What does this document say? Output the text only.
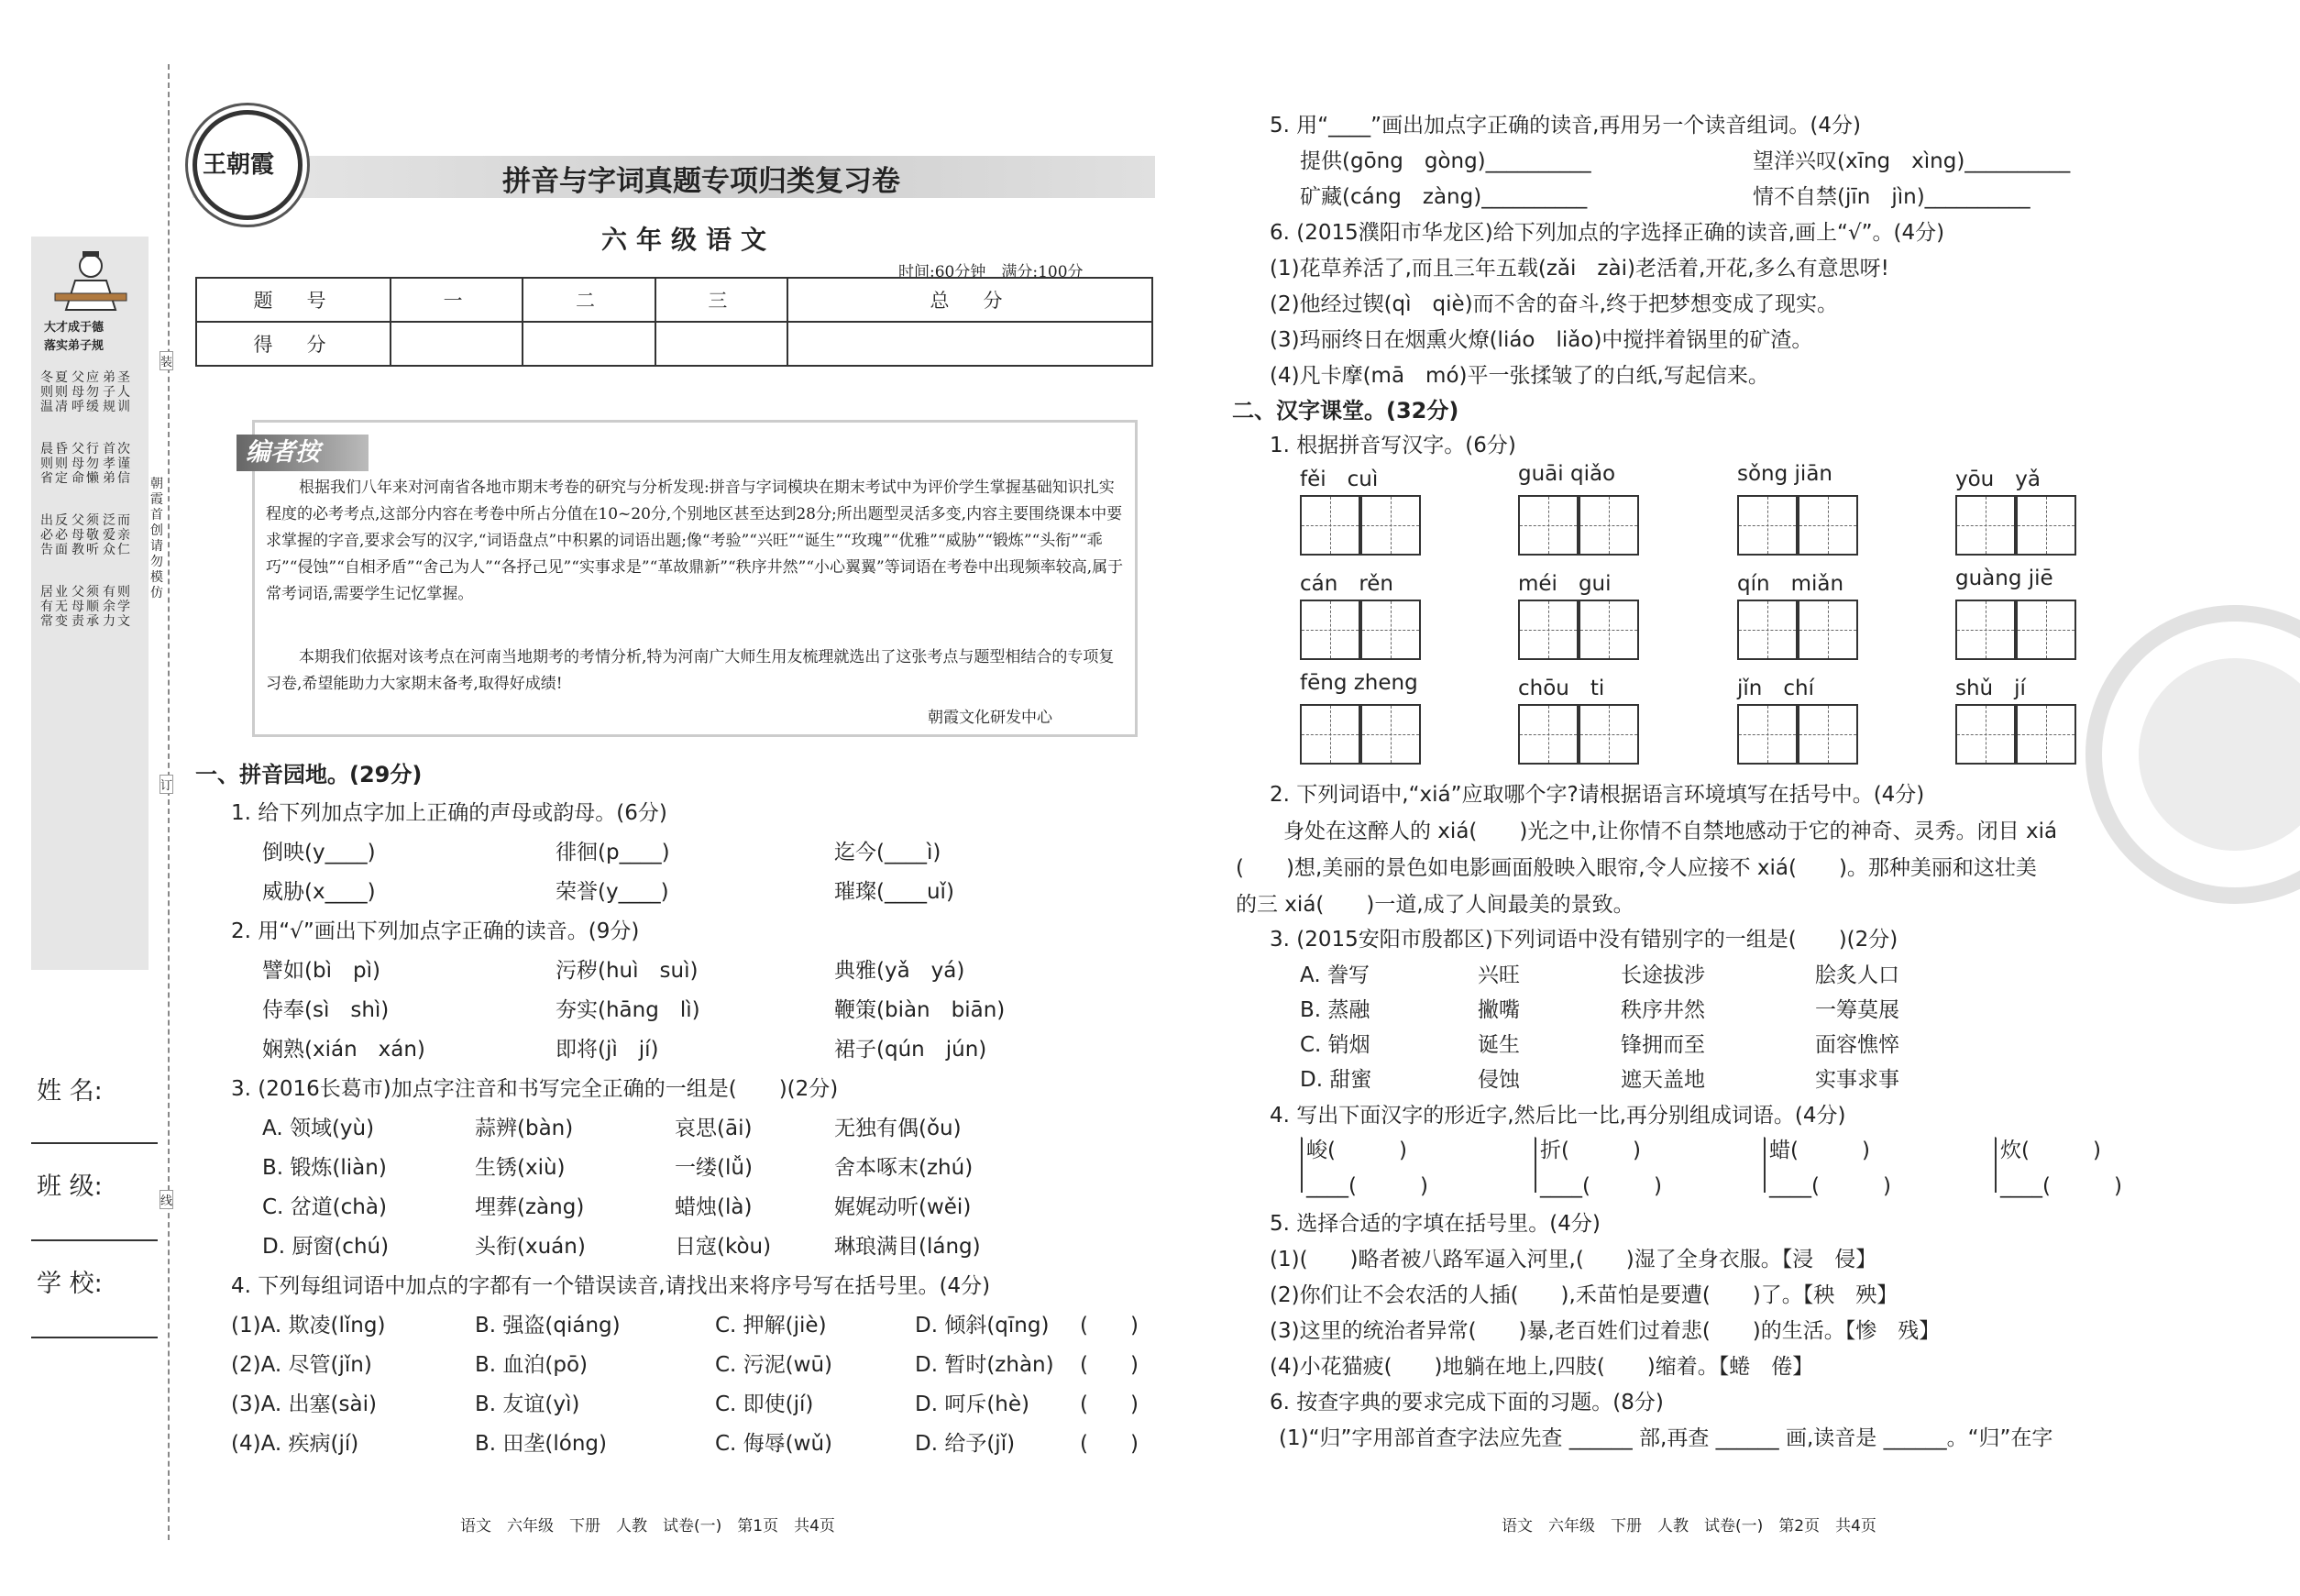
大才成于德
落实弟子规
弟子规
圣人训
首孝弟
次谨信
泛爱众
而亲仁
有余力
则学文
父母呼
应勿缓
父母命
行勿懒
父母教
须敬听
父母责
须顺承
冬则温
夏则凊
晨则省
昏则定
出必告
反必面
居有常
业无变
装
订
线
朝霞首创 请勿模仿
姓 名:
班 级:
学 校:
王朝霞	拼音与字词真题专项归类复习卷
六年级语文
时间:60分钟　满分:100分
题　号	一	二	三	总　分
得　分				
编者按
根据我们八年来对河南省各地市期末考卷的研究与分析发现:拼音与字词模块在期末考试中为评价学生掌握基础知识扎实程度的必考考点,这部分内容在考卷中所占分值在10~20分,个别地区甚至达到28分;所出题型灵活多变,内容主要围绕课本中要求掌握的字音,要求会写的汉字,“词语盘点”中积累的词语出题;像“考验”“兴旺”“诞生”“玫瑰”“优雅”“威胁”“锻炼”“头衔”“乖巧”“侵蚀”“自相矛盾”“舍己为人”“各抒己见”“实事求是”“革故鼎新”“秩序井然”“小心翼翼”等词语在考卷中出现频率较高,属于常考词语,需要学生记忆掌握。
本期我们依据对该考点在河南当地期考的考情分析,特为河南广大师生用友梳理就选出了这张考点与题型相结合的专项复习卷,希望能助力大家期末备考,取得好成绩!
朝霞文化研发中心
一、拼音园地。(29分)
1. 给下列加点字加上正确的声母或韵母。(6分)
倒映(y____)	徘徊(p____)	迄今(____ì)
威胁(x____)	荣誉(y____)	璀璨(____uǐ)
2. 用“√”画出下列加点字正确的读音。(9分)
譬如(bì　pì)	污秽(huì　suì)	典雅(yǎ　yá)
侍奉(sì　shì)	夯实(hāng　lì)	鞭策(biàn　biān)
娴熟(xián　xán)	即将(jì　jí)	裙子(qún　jún)
3. (2016长葛市)加点字注音和书写完全正确的一组是(　　)(2分)
A. 领域(yù)	蒜辨(bàn)	哀思(āi)	无独有偶(ǒu)
B. 锻炼(liàn)	生锈(xiù)	一缕(lǚ)	舍本啄末(zhú)
C. 岔道(chà)	埋葬(zàng)	蜡烛(là)	娓娓动听(wěi)
D. 厨窗(chú)	头衔(xuán)	日寇(kòu)	琳琅满目(láng)
4. 下列每组词语中加点的字都有一个错误读音,请找出来将序号写在括号里。(4分)
(1)A. 欺凌(lǐng)	B. 强盗(qiáng)	C. 押解(jiè)	D. 倾斜(qīng) (　　)
(2)A. 尽管(jǐn)	B. 血泊(pō)	C. 污泥(wū)	D. 暂时(zhàn) (　　)
(3)A. 出塞(sài)	B. 友谊(yì)	C. 即使(jí)	D. 呵斥(hè) (　　)
(4)A. 疾病(jí)	B. 田垄(lóng)	C. 侮辱(wǔ)	D. 给予(jǐ)	(　　)
5. 用“____”画出加点字正确的读音,再用另一个读音组词。(4分)
提供(gōng　gòng)__________	望洋兴叹(xīng　xìng)__________
矿藏(cáng　zàng)__________	情不自禁(jīn　jìn)__________
6. (2015濮阳市华龙区)给下列加点的字选择正确的读音,画上“√”。(4分)
(1)花草养活了,而且三年五载(zǎi　zài)老活着,开花,多么有意思呀!
(2)他经过锲(qì　qiè)而不舍的奋斗,终于把梦想变成了现实。
(3)玛丽终日在烟熏火燎(liáo　liǎo)中搅拌着锅里的矿渣。
(4)凡卡摩(mā　mó)平一张揉皱了的白纸,写起信来。
二、汉字课堂。(32分)
1. 根据拼音写汉字。(6分)
fěi　cuì	guāi qiǎo	sǒng jiān	yōu　yǎ
cán　rěn	méi　gui	qín　miǎn	guàng jiē
fēng zheng	chōu　ti	jǐn　chí	shǔ　jí
2. 下列词语中,“xiá”应取哪个字?请根据语言环境填写在括号中。(4分)
身处在这醉人的 xiá(　　)光之中,让你情不自禁地感动于它的神奇、灵秀。闭目 xiá
(　　)想,美丽的景色如电影画面般映入眼帘,令人应接不 xiá(　　)。那种美丽和这壮美
的三 xiá(　　)一道,成了人间最美的景致。
3. (2015安阳市殷都区)下列词语中没有错别字的一组是(　　)(2分)
A. 誊写	兴旺	长途拔涉	脍炙人口
B. 蒸融	撇嘴	秩序井然	一筹莫展
C. 销烟	诞生	锋拥而至	面容憔悴
D. 甜蜜	侵蚀	遮天盖地	实事求事
4. 写出下面汉字的形近字,然后比一比,再分别组成词语。(4分)
峻(　　　)
____(　　　)
折(　　　)
____(　　　)
蜡(　　　)
____(　　　)
炊(　　　)
____(　　　)
5. 选择合适的字填在括号里。(4分)
(1)(　　)略者被八路军逼入河里,(　　)湿了全身衣服。【浸　侵】
(2)你们让不会农活的人插(　　),禾苗怕是要遭(　　)了。【秧　殃】
(3)这里的统治者异常(　　)暴,老百姓们过着悲(　　)的生活。【惨　残】
(4)小花猫疲(　　)地躺在地上,四肢(　　)缩着。【蜷　倦】
6. 按查字典的要求完成下面的习题。(8分)
(1)“归”字用部首查字法应先查 ______ 部,再查 ______ 画,读音是 ______。“归”在字
语文　六年级　下册　人教　试卷(一)　第1页　共4页	语文　六年级　下册　人教　试卷(一)　第2页　共4页
